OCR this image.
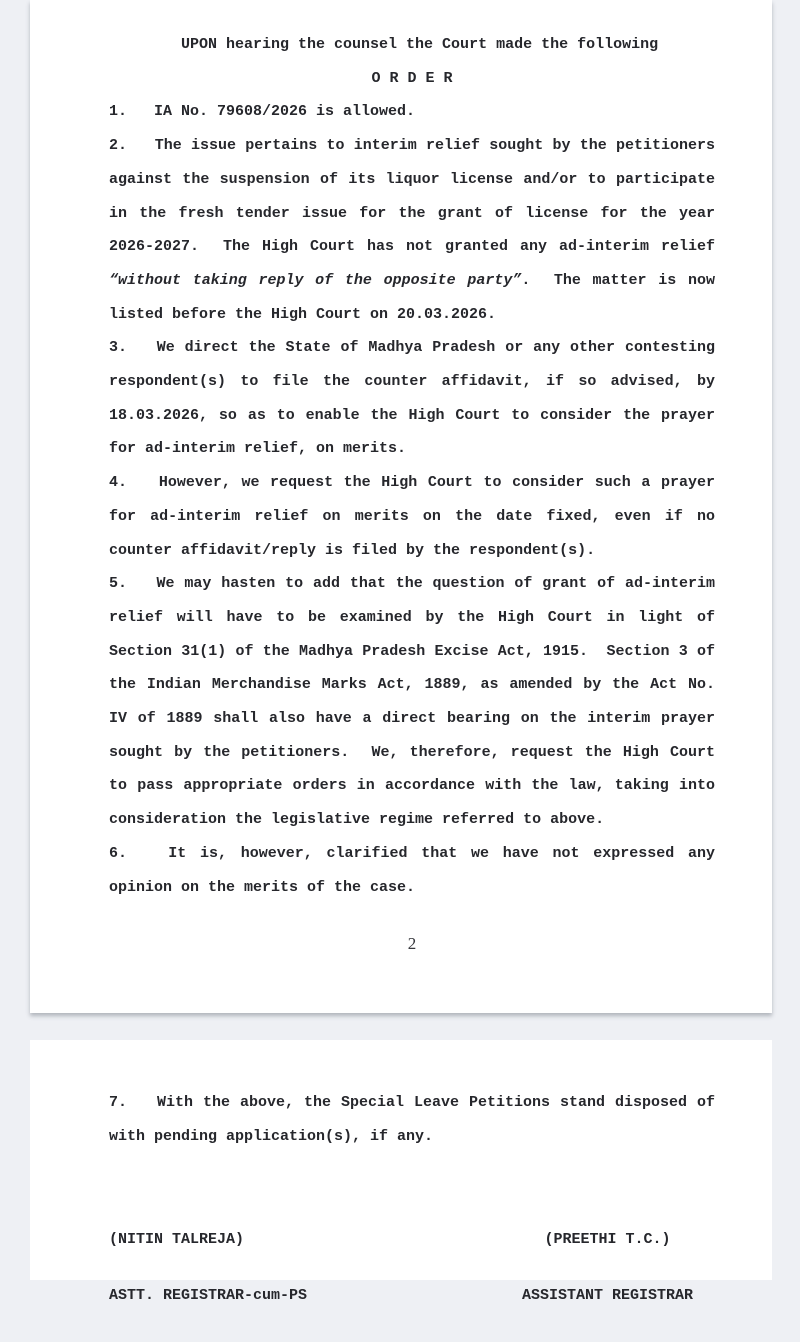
UPON hearing the counsel the Court made the following
O R D E R

1.   IA No. 79608/2026 is allowed.

2.   The issue pertains to interim relief sought by the petitioners against the suspension of its liquor license and/or to participate in the fresh tender issue for the grant of license for the year 2026-2027.  The High Court has not granted any ad-interim relief “without taking reply of the opposite party”.  The matter is now listed before the High Court on 20.03.2026.

3.   We direct the State of Madhya Pradesh or any other contesting respondent(s) to file the counter affidavit, if so advised, by 18.03.2026, so as to enable the High Court to consider the prayer for ad-interim relief, on merits.

4.   However, we request the High Court to consider such a prayer for ad-interim relief on merits on the date fixed, even if no counter affidavit/reply is filed by the respondent(s).

5.   We may hasten to add that the question of grant of ad-interim relief will have to be examined by the High Court in light of Section 31(1) of the Madhya Pradesh Excise Act, 1915.  Section 3 of the Indian Merchandise Marks Act, 1889, as amended by the Act No. IV of 1889 shall also have a direct bearing on the interim prayer sought by the petitioners.  We, therefore, request the High Court to pass appropriate orders in accordance with the law, taking into consideration the legislative regime referred to above.

6.   It is, however, clarified that we have not expressed any opinion on the merits of the case.

2

7.   With the above, the Special Leave Petitions stand disposed of with pending application(s), if any.

(NITIN TALREJA)

ASTT. REGISTRAR-cum-PS

(PREETHI T.C.)

ASSISTANT REGISTRAR
